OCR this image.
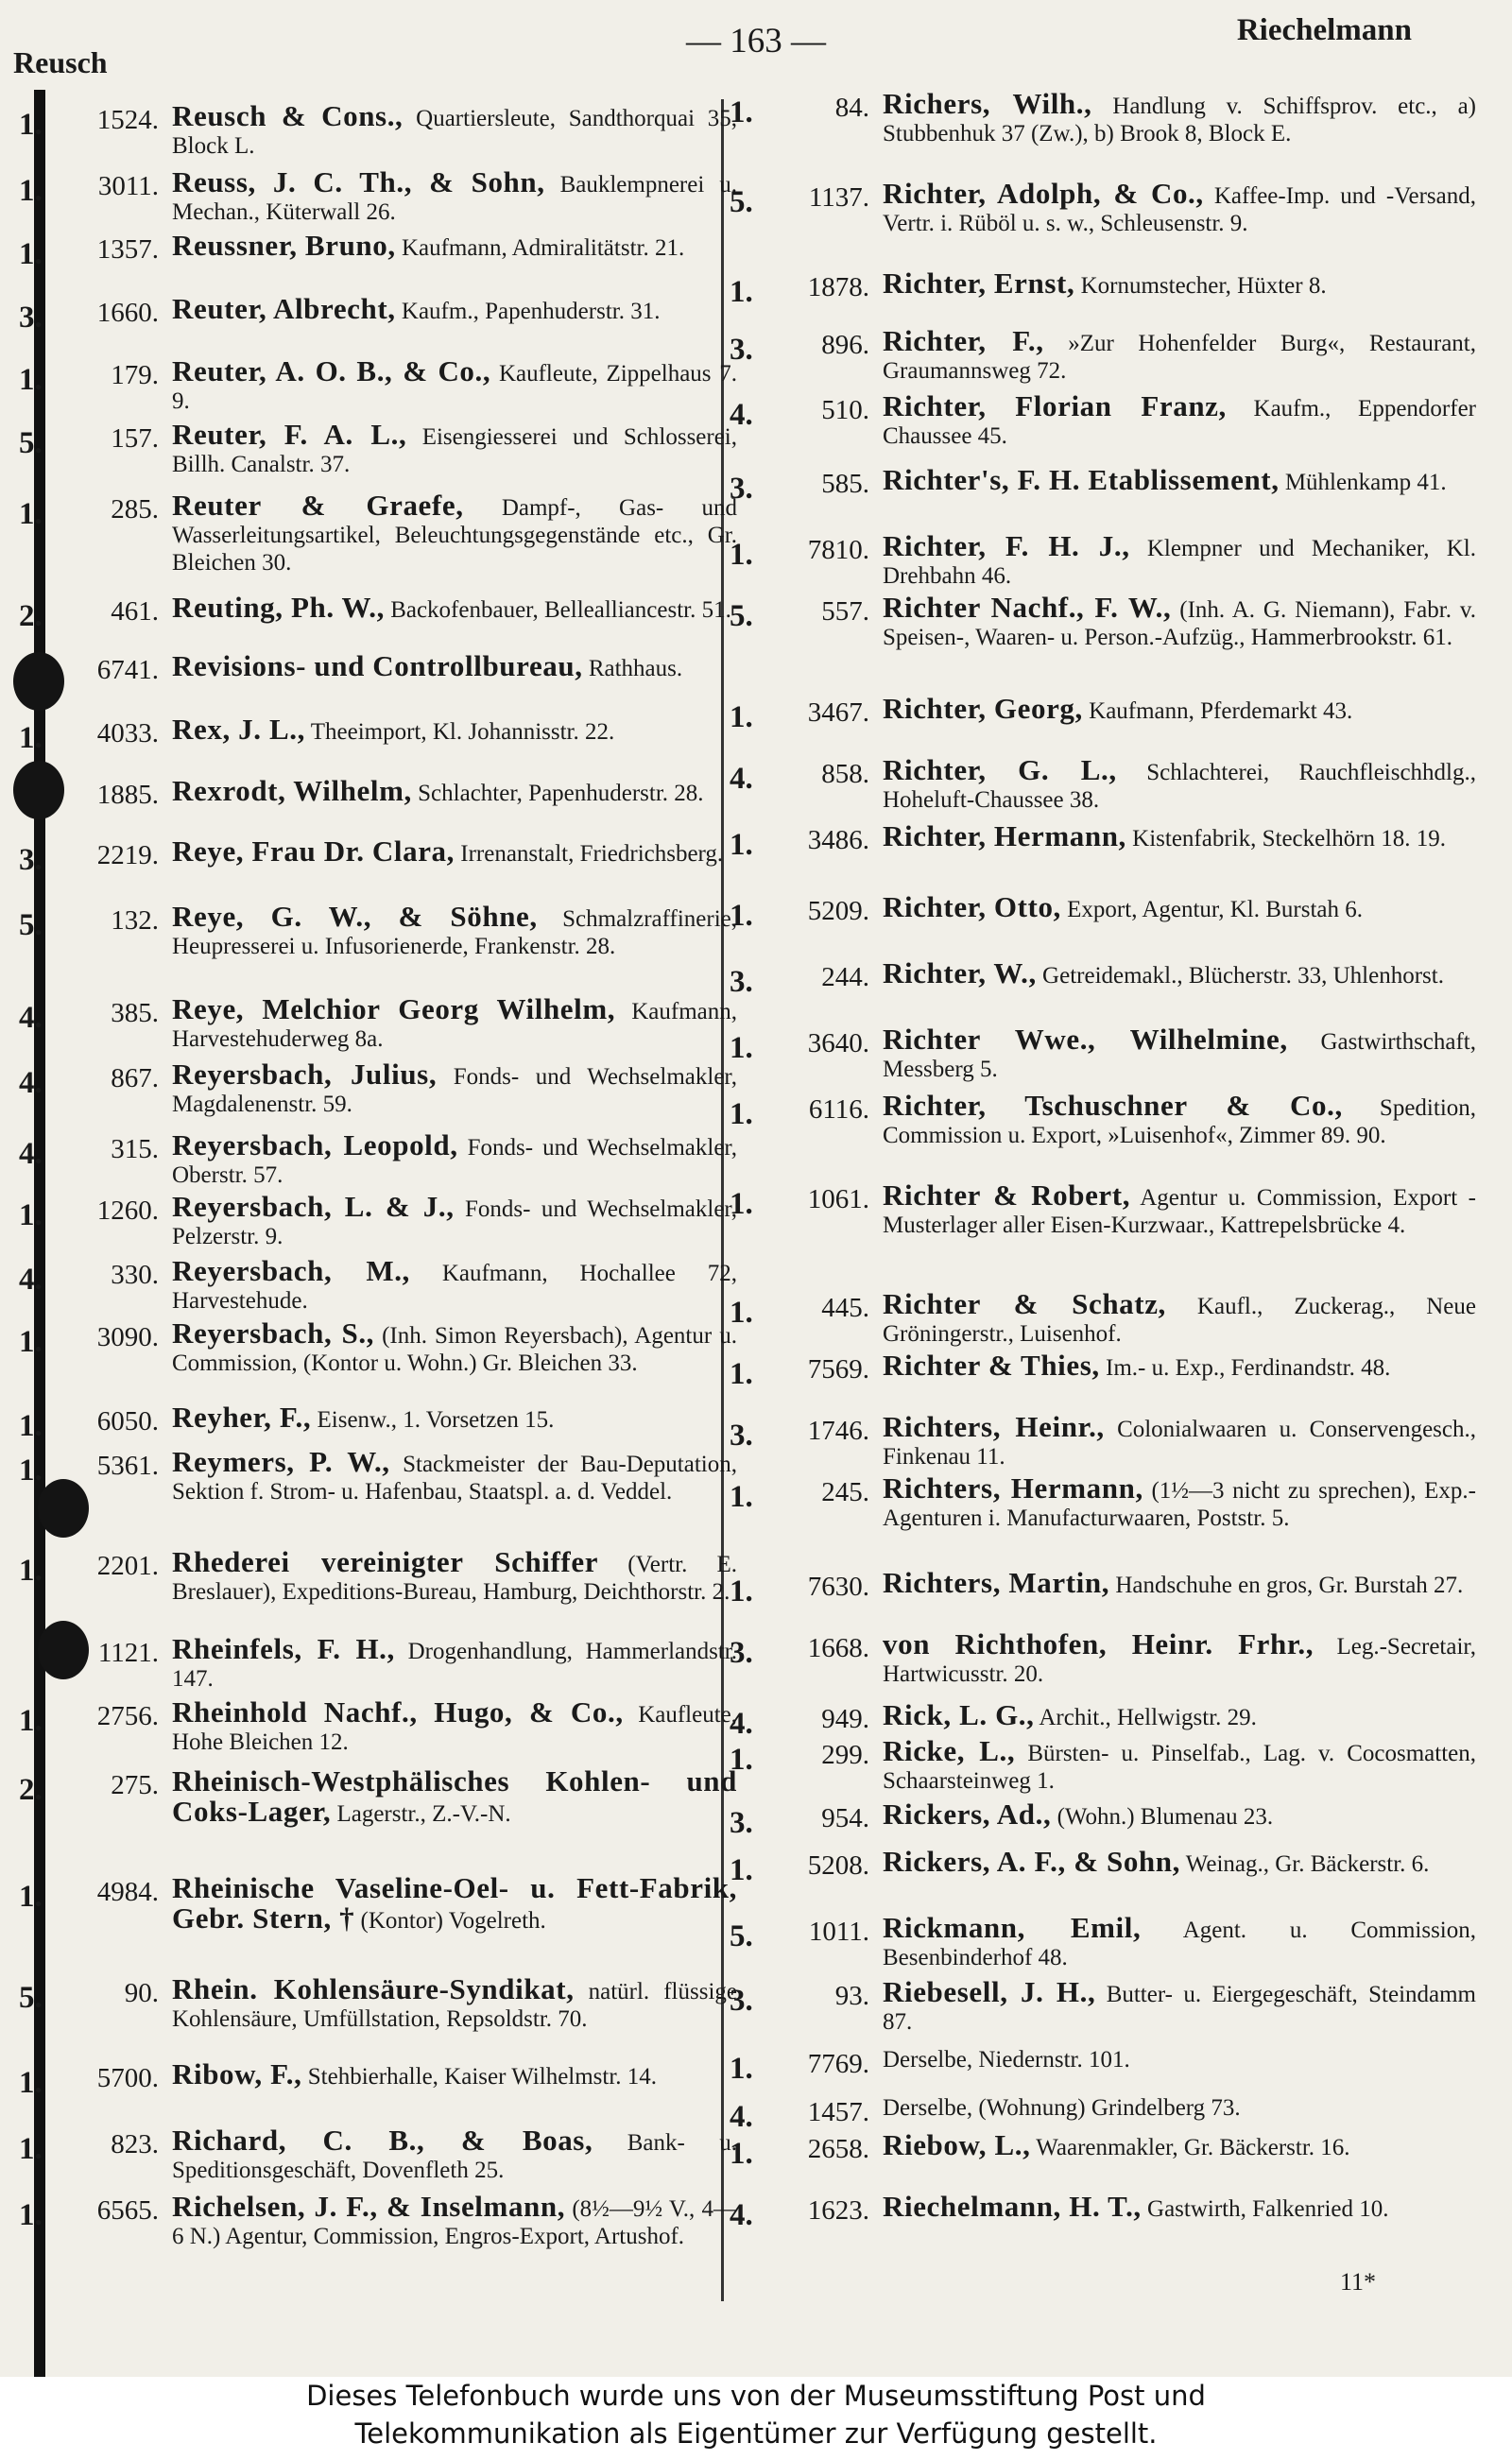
Reusch
— 163 —	Riechelmann
1.	1524. Reusch & Cons., Quartiersleute, Sandthorquai 35, Block L.
1.	3011. Reuss, J. C. Th., & Sohn, Bauklempnerei u. Mechan., Küterwall 26.
1.	1357. Reussner, Bruno, Kaufmann, Admiralitätstr. 21.
3.	1660. Reuter, Albrecht, Kaufm., Papenhuderstr. 31.
1.	179. Reuter, A. O. B., & Co., Kaufleute, Zippelhaus 7. 9.
5.	157. Reuter, F. A. L., Eisengiesserei und Schlosserei, Billh. Canalstr. 37.
1.	285. Reuter & Graefe, Dampf-, Gas- und Wasserleitungsartikel, Beleuchtungsgegenstände etc., Gr. Bleichen 30.
2.	461. Reuting, Ph. W., Backofenbauer, Bellealliancestr. 51.
6741. Revisions- und Controllbureau, Rathhaus.
1.	4033. Rex, J. L., Theeimport, Kl. Johannisstr. 22.
1885. Rexrodt, Wilhelm, Schlachter, Papenhuderstr. 28.
3.	2219. Reye, Frau Dr. Clara, Irrenanstalt, Friedrichsberg.
5.	132. Reye, G. W., & Söhne, Schmalzraffinerie, Heupresserei u. Infusorienerde, Frankenstr. 28.
4.	385. Reye, Melchior Georg Wilhelm, Kaufmann, Harvestehuderweg 8a.
4.	867. Reyersbach, Julius, Fonds- und Wechselmakler, Magdalenenstr. 59.
4.	315. Reyersbach, Leopold, Fonds- und Wechselmakler, Oberstr. 57.
1.	1260. Reyersbach, L. & J., Fonds- und Wechselmakler, Pelzerstr. 9.
4.	330. Reyersbach, M., Kaufmann, Hochallee 72, Harvestehude.
1.	3090. Reyersbach, S., (Inh. Simon Reyersbach), Agentur u. Commission, (Kontor u. Wohn.) Gr. Bleichen 33.
1.	6050. Reyher, F., Eisenw., 1. Vorsetzen 15.
1.	5361. Reymers, P. W., Stackmeister der Bau-Deputation, Sektion f. Strom- u. Hafenbau, Staatspl. a. d. Veddel.
1.	2201. Rhederei vereinigter Schiffer (Vertr. E. Breslauer), Expeditions-Bureau, Hamburg, Deichthorstr. 2.
1121. Rheinfels, F. H., Drogenhandlung, Hammerlandstr. 147.
1.	2756. Rheinhold Nachf., Hugo, & Co., Kaufleute, Hohe Bleichen 12.
2.	275. Rheinisch-Westphälisches Kohlen- und Coks-Lager, Lagerstr., Z.-V.-N.
1.	4984. Rheinische Vaseline-Oel- u. Fett-Fabrik, Gebr. Stern, † (Kontor) Vogelreth.
5.	90. Rhein. Kohlensäure-Syndikat, natürl. flüssige Kohlensäure, Umfüllstation, Repsoldstr. 70.
1.	5700. Ribow, F., Stehbierhalle, Kaiser Wilhelmstr. 14.
1.	823. Richard, C. B., & Boas, Bank- u. Speditionsgeschäft, Dovenfleth 25.
1.	6565. Richelsen, J. F., & Inselmann, (8½—9½ V., 4—6 N.) Agentur, Commission, Engros-Export, Artushof.
1.	84. Richers, Wilh., Handlung v. Schiffsprov. etc., a) Stubbenhuk 37 (Zw.), b) Brook 8, Block E.
5.	1137. Richter, Adolph, & Co., Kaffee-Imp. und -Versand, Vertr. i. Rüböl u. s. w., Schleusenstr. 9.
1.	1878. Richter, Ernst, Kornumstecher, Hüxter 8.
3.	896. Richter, F., »Zur Hohenfelder Burg«, Restaurant, Graumannsweg 72.
4.	510. Richter, Florian Franz, Kaufm., Eppendorfer Chaussee 45.
3.	585. Richter's, F. H. Etablissement, Mühlenkamp 41.
1.	7810. Richter, F. H. J., Klempner und Mechaniker, Kl. Drehbahn 46.
5.	557. Richter Nachf., F. W., (Inh. A. G. Niemann), Fabr. v. Speisen-, Waaren- u. Person.-Aufzüg., Hammerbrookstr. 61.
1.	3467. Richter, Georg, Kaufmann, Pferdemarkt 43.
4.	858. Richter, G. L., Schlachterei, Rauchfleischhdlg., Hoheluft-Chaussee 38.
1.	3486. Richter, Hermann, Kistenfabrik, Steckelhörn 18. 19.
1.	5209. Richter, Otto, Export, Agentur, Kl. Burstah 6.
3.	244. Richter, W., Getreidemakl., Blücherstr. 33, Uhlenhorst.
1.	3640. Richter Wwe., Wilhelmine, Gastwirthschaft, Messberg 5.
1.	6116. Richter, Tschuschner & Co., Spedition, Commission u. Export, »Luisenhof«, Zimmer 89. 90.
1.	1061. Richter & Robert, Agentur u. Commission, Export - Musterlager aller Eisen-Kurzwaar., Kattrepelsbrücke 4.
1.	445. Richter & Schatz, Kaufl., Zuckerag., Neue Gröningerstr., Luisenhof.
1.	7569. Richter & Thies, Im.- u. Exp., Ferdinandstr. 48.
3.	1746. Richters, Heinr., Colonialwaaren u. Conservengesch., Finkenau 11.
1.	245. Richters, Hermann, (1½—3 nicht zu sprechen), Exp.-Agenturen i. Manufacturwaaren, Poststr. 5.
1.	7630. Richters, Martin, Handschuhe en gros, Gr. Burstah 27.
3.	1668. von Richthofen, Heinr. Frhr., Leg.-Secretair, Hartwicusstr. 20.
4.	949. Rick, L. G., Archit., Hellwigstr. 29.
1.	299. Ricke, L., Bürsten- u. Pinselfab., Lag. v. Cocosmatten, Schaarsteinweg 1.
3.	954. Rickers, Ad., (Wohn.) Blumenau 23.
1.	5208. Rickers, A. F., & Sohn, Weinag., Gr. Bäckerstr. 6.
5.	1011. Rickmann, Emil, Agent. u. Commission, Besenbinderhof 48.
3.	93. Riebesell, J. H., Butter- u. Eiergegeschäft, Steindamm 87.
1.	7769. Derselbe, Niedernstr. 101.
4.	1457. Derselbe, (Wohnung) Grindelberg 73.
1.	2658. Riebow, L., Waarenmakler, Gr. Bäckerstr. 16.
4.	1623. Riechelmann, H. T., Gastwirth, Falkenried 10.
11*
Dieses Telefonbuch wurde uns von der Museumsstiftung Post und
Telekommunikation als Eigentümer zur Verfügung gestellt.
